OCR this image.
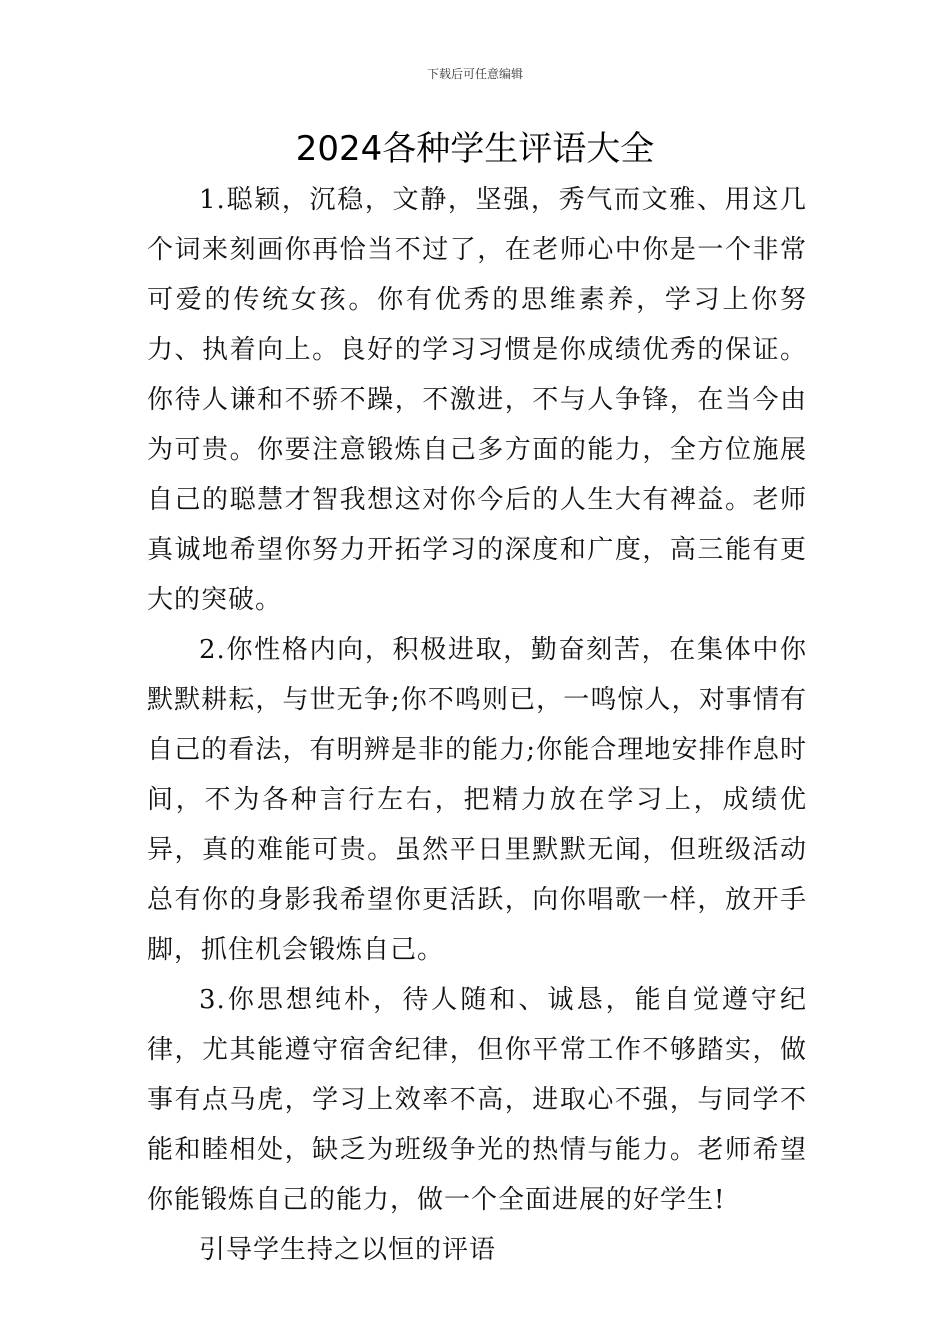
下载后可任意编辑
2024各种学生评语大全

1.聪颖，沉稳，文静，坚强，秀气而文雅、用这几个词来刻画你再恰当不过了，在老师心中你是一个非常可爱的传统女孩。你有优秀的思维素养，学习上你努力、执着向上。良好的学习习惯是你成绩优秀的保证。你待人谦和不骄不躁，不激进，不与人争锋，在当今由为可贵。你要注意锻炼自己多方面的能力，全方位施展自己的聪慧才智我想这对你今后的人生大有裨益。老师真诚地希望你努力开拓学习的深度和广度，高三能有更大的突破。

2.你性格内向，积极进取，勤奋刻苦，在集体中你默默耕耘，与世无争;你不鸣则已，一鸣惊人，对事情有自己的看法，有明辨是非的能力;你能合理地安排作息时间，不为各种言行左右，把精力放在学习上，成绩优异，真的难能可贵。虽然平日里默默无闻，但班级活动总有你的身影我希望你更活跃，向你唱歌一样，放开手脚，抓住机会锻炼自己。

3.你思想纯朴，待人随和、诚恳，能自觉遵守纪律，尤其能遵守宿舍纪律，但你平常工作不够踏实，做事有点马虎，学习上效率不高，进取心不强，与同学不能和睦相处，缺乏为班级争光的热情与能力。老师希望你能锻炼自己的能力，做一个全面进展的好学生!

引导学生持之以恒的评语
